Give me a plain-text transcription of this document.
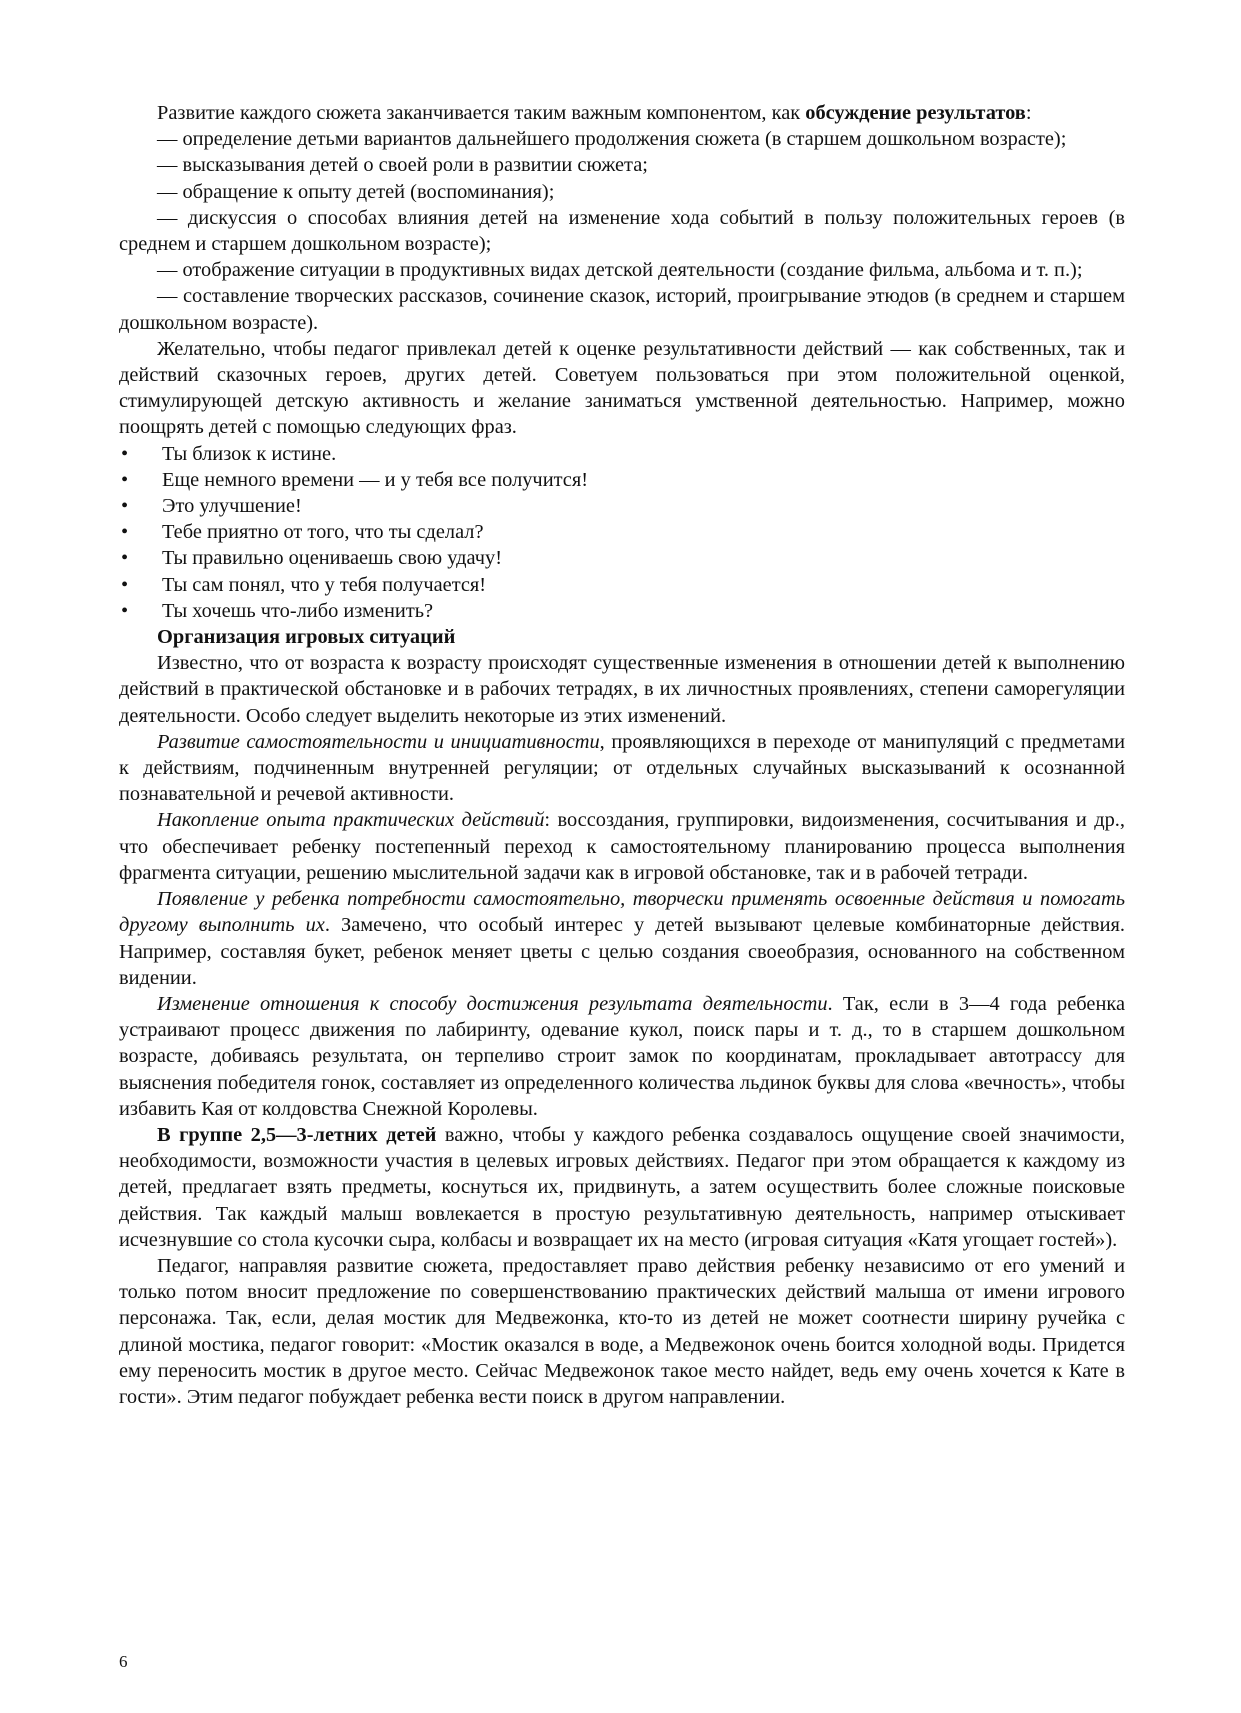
Развитие каждого сюжета заканчивается таким важным компонентом, как обсуждение результатов:

— определение детьми вариантов дальнейшего продолжения сюжета (в старшем дошкольном возрасте);

— высказывания детей о своей роли в развитии сюжета;

— обращение к опыту детей (воспоминания);

— дискуссия о способах влияния детей на изменение хода событий в пользу положительных героев (в среднем и старшем дошкольном возрасте);

— отображение ситуации в продуктивных видах детской деятельности (создание фильма, альбома и т. п.);

— составление творческих рассказов, сочинение сказок, историй, проигрывание этюдов (в среднем и старшем дошкольном возрасте).

Желательно, чтобы педагог привлекал детей к оценке результативности действий — как собственных, так и действий сказочных героев, других детей. Советуем пользоваться при этом положительной оценкой, стимулирующей детскую активность и желание заниматься умственной деятельностью. Например, можно поощрять детей с помощью следующих фраз.

• Ты близок к истине.
• Еще немного времени — и у тебя все получится!
• Это улучшение!
• Тебе приятно от того, что ты сделал?
• Ты правильно оцениваешь свою удачу!
• Ты сам понял, что у тебя получается!
• Ты хочешь что-либо изменить?

Организация игровых ситуаций

Известно, что от возраста к возрасту происходят существенные изменения в отношении детей к выполнению действий в практической обстановке и в рабочих тетрадях, в их личностных проявлениях, степени саморегуляции деятельности. Особо следует выделить некоторые из этих изменений.

Развитие самостоятельности и инициативности, проявляющихся в переходе от манипуляций с предметами к действиям, подчиненным внутренней регуляции; от отдельных случайных высказываний к осознанной познавательной и речевой активности.

Накопление опыта практических действий: воссоздания, группировки, видоизменения, сосчитывания и др., что обеспечивает ребенку постепенный переход к самостоятельному планированию процесса выполнения фрагмента ситуации, решению мыслительной задачи как в игровой обстановке, так и в рабочей тетради.

Появление у ребенка потребности самостоятельно, творчески применять освоенные действия и помогать другому выполнить их. Замечено, что особый интерес у детей вызывают целевые комбинаторные действия. Например, составляя букет, ребенок меняет цветы с целью создания своеобразия, основанного на собственном видении.

Изменение отношения к способу достижения результата деятельности. Так, если в 3—4 года ребенка устраивают процесс движения по лабиринту, одевание кукол, поиск пары и т. д., то в старшем дошкольном возрасте, добиваясь результата, он терпеливо строит замок по координатам, прокладывает автотрассу для выяснения победителя гонок, составляет из определенного количества льдинок буквы для слова «вечность», чтобы избавить Кая от колдовства Снежной Королевы.

В группе 2,5—3-летних детей важно, чтобы у каждого ребенка создавалось ощущение своей значимости, необходимости, возможности участия в целевых игровых действиях. Педагог при этом обращается к каждому из детей, предлагает взять предметы, коснуться их, придвинуть, а затем осуществить более сложные поисковые действия. Так каждый малыш вовлекается в простую результативную деятельность, например отыскивает исчезнувшие со стола кусочки сыра, колбасы и возвращает их на место (игровая ситуация «Катя угощает гостей»).

Педагог, направляя развитие сюжета, предоставляет право действия ребенку независимо от его умений и только потом вносит предложение по совершенствованию практических действий малыша от имени игрового персонажа. Так, если, делая мостик для Медвежонка, кто-то из детей не может соотнести ширину ручейка с длиной мостика, педагог говорит: «Мостик оказался в воде, а Медвежонок очень боится холодной воды. Придется ему переносить мостик в другое место. Сейчас Медвежонок такое место найдет, ведь ему очень хочется к Кате в гости». Этим педагог побуждает ребенка вести поиск в другом направлении.

6
